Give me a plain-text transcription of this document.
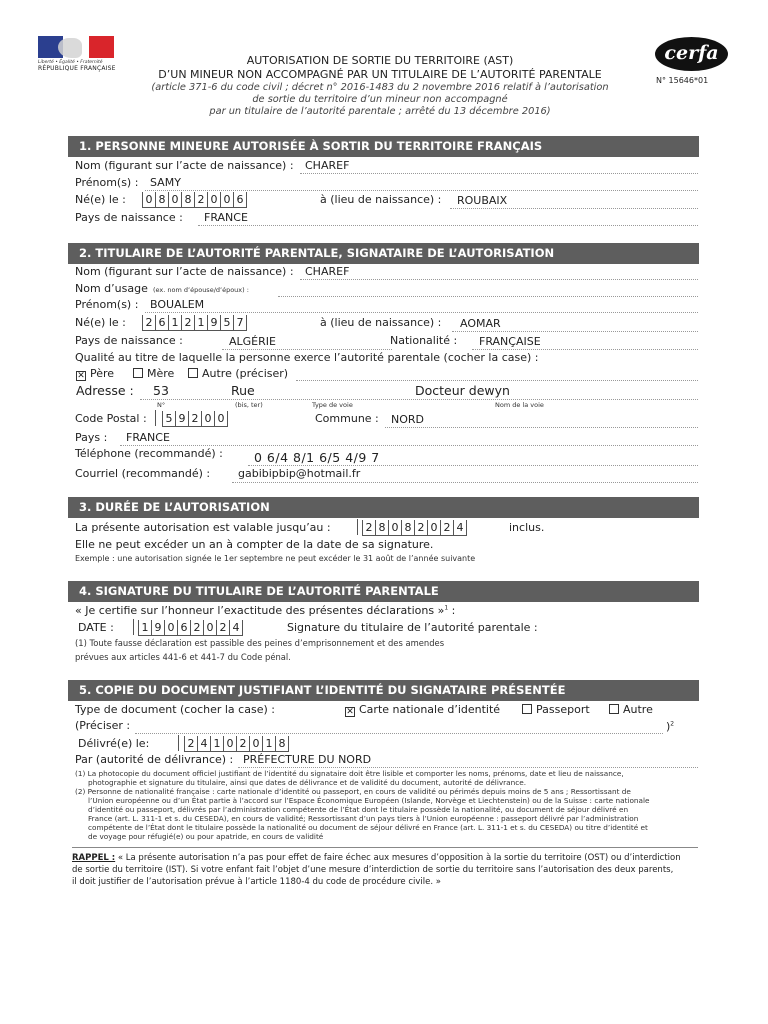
Liberté • Égalité • Fraternité
RÉPUBLIQUE FRANÇAISE
cerfa
N° 15646*01
AUTORISATION DE SORTIE DU TERRITOIRE (AST)
D’UN MINEUR NON ACCOMPAGNÉ PAR UN TITULAIRE DE L’AUTORITÉ PARENTALE
(article 371-6 du code civil ; décret n° 2016-1483 du 2 novembre 2016 relatif à l’autorisation
de sortie du territoire d’un mineur non accompagné
par un titulaire de l’autorité parentale ; arrêté du 13 décembre 2016)
1. PERSONNE MINEURE AUTORISÉE À SORTIR DU TERRITOIRE FRANÇAIS
Nom (figurant sur l’acte de naissance) : CHAREF
Prénom(s) : SAMY
Né(e) le : 0 8 0 8 2 0 0 6	à (lieu de naissance) : ROUBAIX
Pays de naissance : FRANCE
2. TITULAIRE DE L’AUTORITÉ PARENTALE, SIGNATAIRE DE L’AUTORISATION
Nom (figurant sur l’acte de naissance) : CHAREF
Nom d’usage (ex. nom d’épouse/d’époux) :
Prénom(s) : BOUALEM
Né(e) le : 2 6 1 2 1 9 5 7	à (lieu de naissance) : AOMAR
Pays de naissance :	ALGÉRIE	Nationalité : FRANÇAISE
Qualité au titre de laquelle la personne exerce l’autorité parentale (cocher la case) :
✕ Père	Mère	Autre (préciser)
Adresse : 53	Rue	Docteur dewyn
N°	(bis, ter)	Type de voie	Nom de la voie
Code Postal : 5 9 2 0 0	Commune : NORD
Pays : FRANCE
Téléphone (recommandé) : 0 6/4 8/1 6/5 4/9 7
Courriel (recommandé) :	gabibipbip@hotmail.fr
3. DURÉE DE L’AUTORISATION
La présente autorisation est valable jusqu’au :	2 8 0 8 2 0 2 4	inclus.
Elle ne peut excéder un an à compter de la date de sa signature.
Exemple : une autorisation signée le 1er septembre ne peut excéder le 31 août de l’année suivante
4. SIGNATURE DU TITULAIRE DE L’AUTORITÉ PARENTALE
« Je certifie sur l’honneur l’exactitude des présentes déclarations »$^1$ :
DATE :	1 9 0 6 2 0 2 4	Signature du titulaire de l’autorité parentale :
(1) Toute fausse déclaration est passible des peines d’emprisonnement et des amendes
prévues aux articles 441-6 et 441-7 du Code pénal.
5. COPIE DU DOCUMENT JUSTIFIANT L’IDENTITÉ DU SIGNATAIRE PRÉSENTÉE
Type de document (cocher la case) :	✕ Carte nationale d’identité	Passeport	Autre
(Préciser :	)$^2$
Délivré(e) le:	2 4 1 0 2 0 1 8
Par (autorité de délivrance) : PRÉFECTURE DU NORD
(1) La photocopie du document officiel justifiant de l’identité du signataire doit être lisible et comporter les noms, prénoms, date et lieu de naissance,
photographie et signature du titulaire, ainsi que dates de délivrance et de validité du document, autorité de délivrance.
(2) Personne de nationalité française : carte nationale d’identité ou passeport, en cours de validité ou périmés depuis moins de 5 ans ; Ressortissant de
l’Union européenne ou d’un État partie à l’accord sur l’Espace Économique Européen (Islande, Norvège et Liechtenstein) ou de la Suisse : carte nationale
d’identité ou passeport, délivrés par l’administration compétente de l’État dont le titulaire possède la nationalité, ou document de séjour délivré en
France (art. L. 311-1 et s. du CESEDA), en cours de validité; Ressortissant d’un pays tiers à l’Union européenne : passeport délivré par l’administration
compétente de l’État dont le titulaire possède la nationalité ou document de séjour délivré en France (art. L. 311-1 et s. du CESEDA) ou titre d’identité et
de voyage pour réfugié(e) ou pour apatride, en cours de validité
RAPPEL : « La présente autorisation n’a pas pour effet de faire échec aux mesures d’opposition à la sortie du territoire (OST) ou d’interdiction
de sortie du territoire (IST). Si votre enfant fait l’objet d’une mesure d’interdiction de sortie du territoire sans l’autorisation des deux parents,
il doit justifier de l’autorisation prévue à l’article 1180-4 du code de procédure civile. »
